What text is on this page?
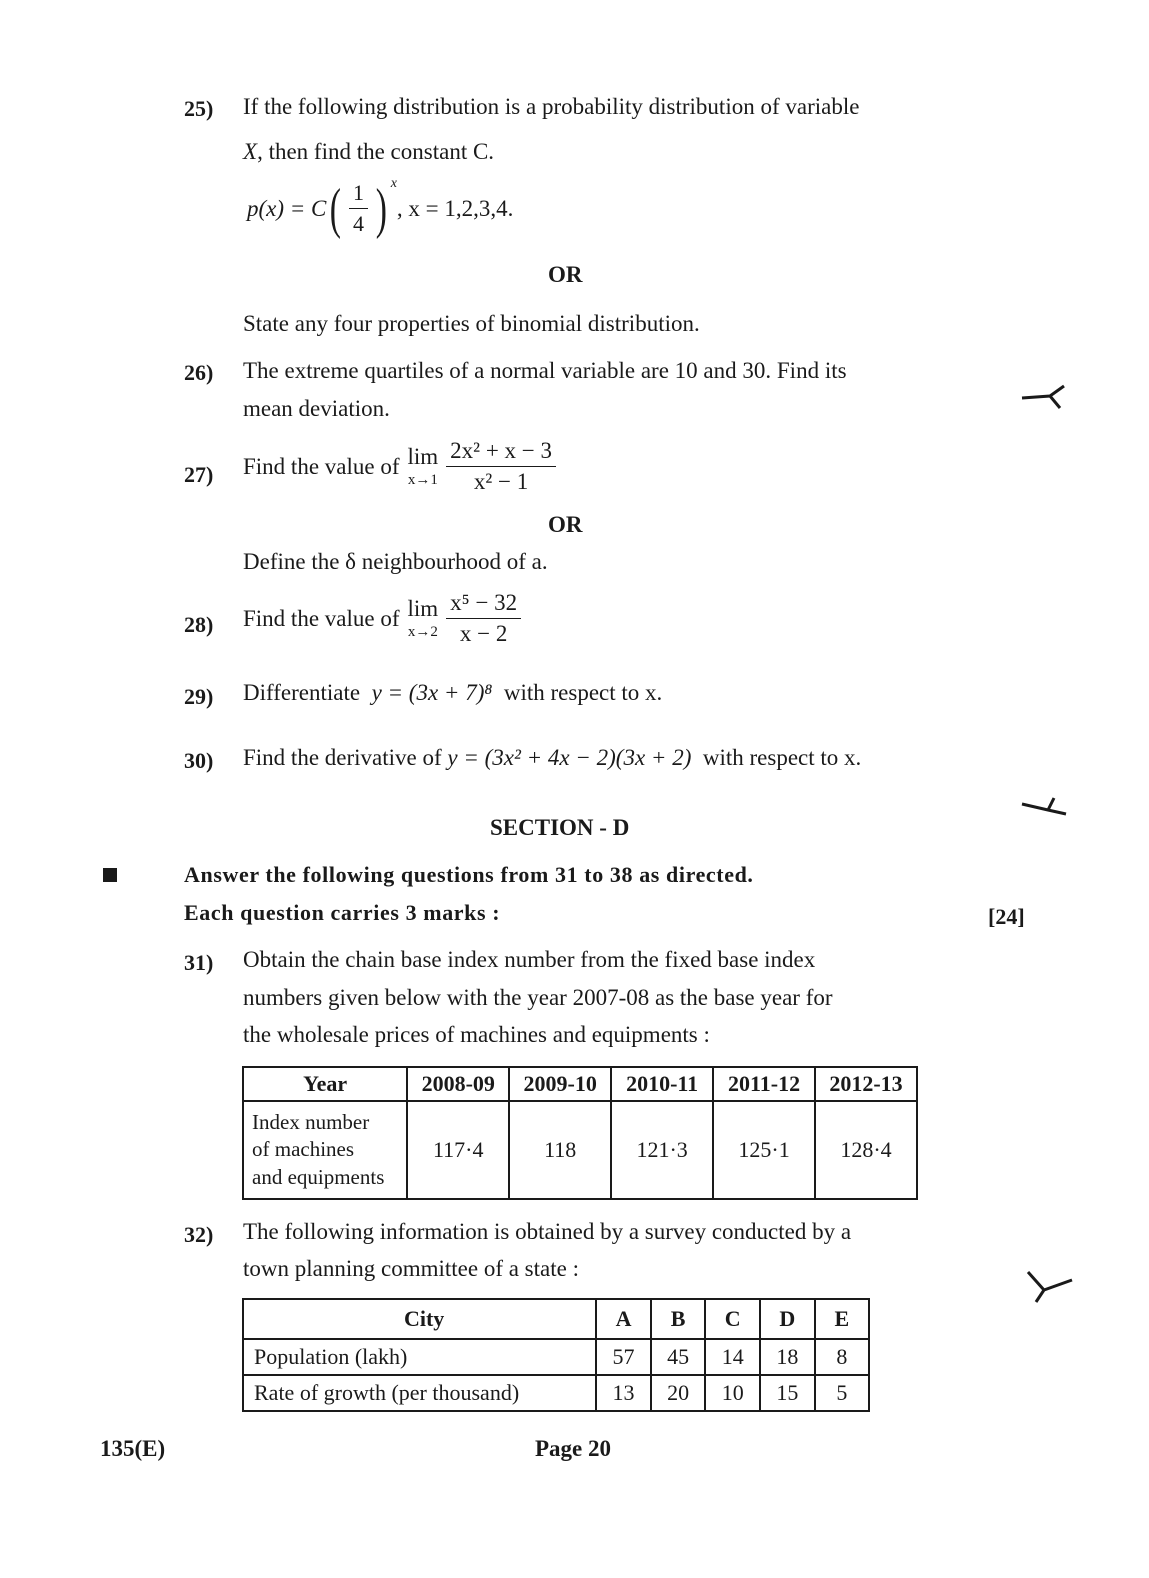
25) If the following distribution is a probability distribution of variable
X, then find the constant C.
p(x) = C ( $\frac{1}{4}$ ) $^x$
, x = 1,2,3,4.
OR
State any four properties of binomial distribution.
26) The extreme quartiles of a normal variable are 10 and 30. Find its
mean deviation.
27) Find the value of lim
$x\to 1 \frac{\text{2x² + x − 3}}{\text{x² − 1}}$
OR
Define the δ neighbourhood of a.
28) Find the value of lim
$x\to 2 \frac{\text{x⁵ − 32}}{x - 2}$
29) Differentiate y = (3x + 7)⁸ with respect to x.
30) Find the derivative of y = (3x² + 4x − 2)(3x + 2) with respect to x.
SECTION - D
Answer the following questions from 31 to 38 as directed.
Each question carries 3 marks :	[24]
31) Obtain the chain base index number from the fixed base index
numbers given below with the year 2007-08 as the base year for
the wholesale prices of machines and equipments :
Year	2008-09	2009-10	2010-11	2011-12	2012-13

Index number
of machines
and equipments	117·4	118	121·3	125·1	128·4
32) The following information is obtained by a survey conducted by a
town planning committee of a state :
City	A	B	C	D	E
Population (lakh)	57	45	14	18	8
Rate of growth (per thousand)	13	20	10	15	5
135(E)	Page 20
